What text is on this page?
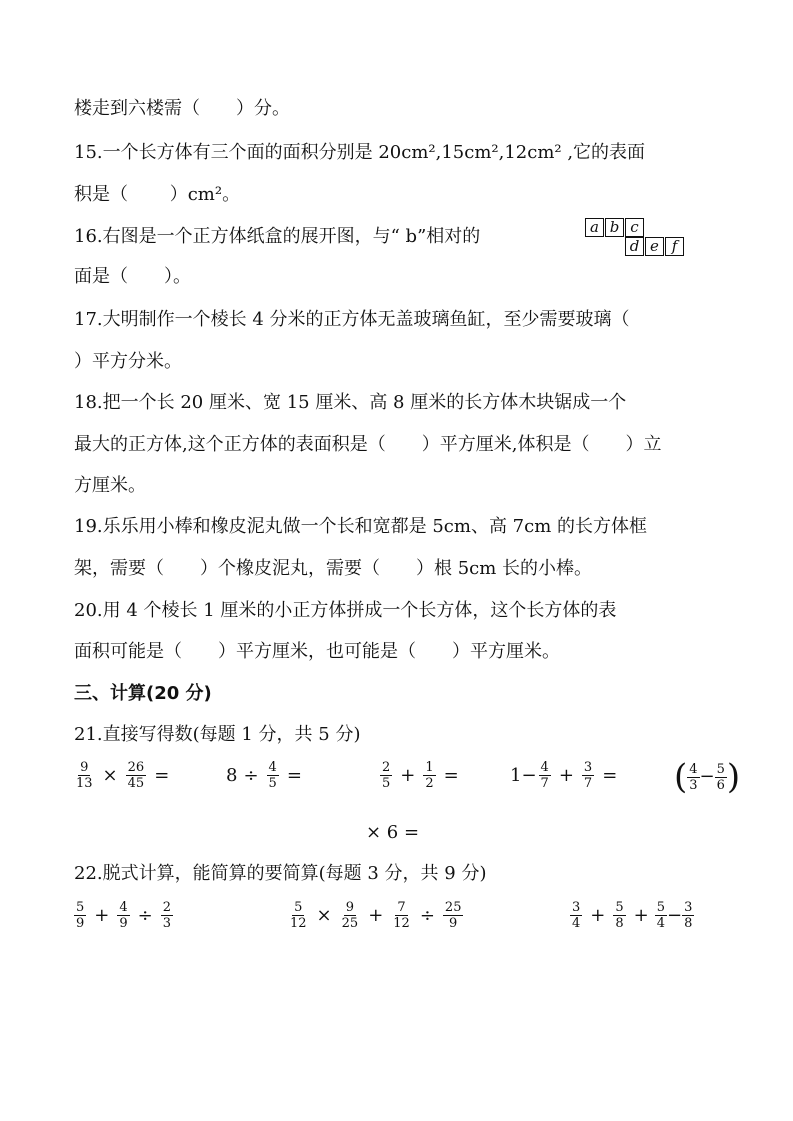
楼走到六楼需（　　）分。
15.一个长方体有三个面的面积分别是 20cm²,15cm²,12cm² ,它的表面
积是（　　 ）cm²。
16.右图是一个正方体纸盒的展开图，与“ b”相对的	a b c
d e f
面是（　　）。
17.大明制作一个棱长 4 分米的正方体无盖玻璃鱼缸，至少需要玻璃（
）平方分米。
18.把一个长 20 厘米、宽 15 厘米、高 8 厘米的长方体木块锯成一个
最大的正方体,这个正方体的表面积是（　　）平方厘米,体积是（　　）立
方厘米。
19.乐乐用小棒和橡皮泥丸做一个长和宽都是 5cm、高 7cm 的长方体框
架，需要（　　）个橡皮泥丸，需要（　　）根 5cm 长的小棒。
20.用 4 个棱长 1 厘米的小正方体拼成一个长方体，这个长方体的表
面积可能是（　　）平方厘米，也可能是（　　）平方厘米。
三、计算(20 分)
21.直接写得数(每题 1 分，共 5 分)
$\frac{9}{13} \times \frac{26}{45}$ =	$8 \div \frac{4}{5}$ =	$\frac{2}{5} + \frac{1}{2}$ =	$1 - \frac{4}{7} + \frac{3}{7}$ = ( $\frac{4}{3} - \frac{5}{6}$ )
× 6 =
22.脱式计算，能简算的要简算(每题 3 分，共 9 分)
$\frac{5}{9} + \frac{4}{9} \div \frac{2}{3}$	$\frac{5}{12} \times \frac{9}{25} + \frac{7}{12} \div \frac{25}{9}$	$\frac{3}{4} + \frac{5}{8} + \frac{5}{4} - \frac{3}{8}$
